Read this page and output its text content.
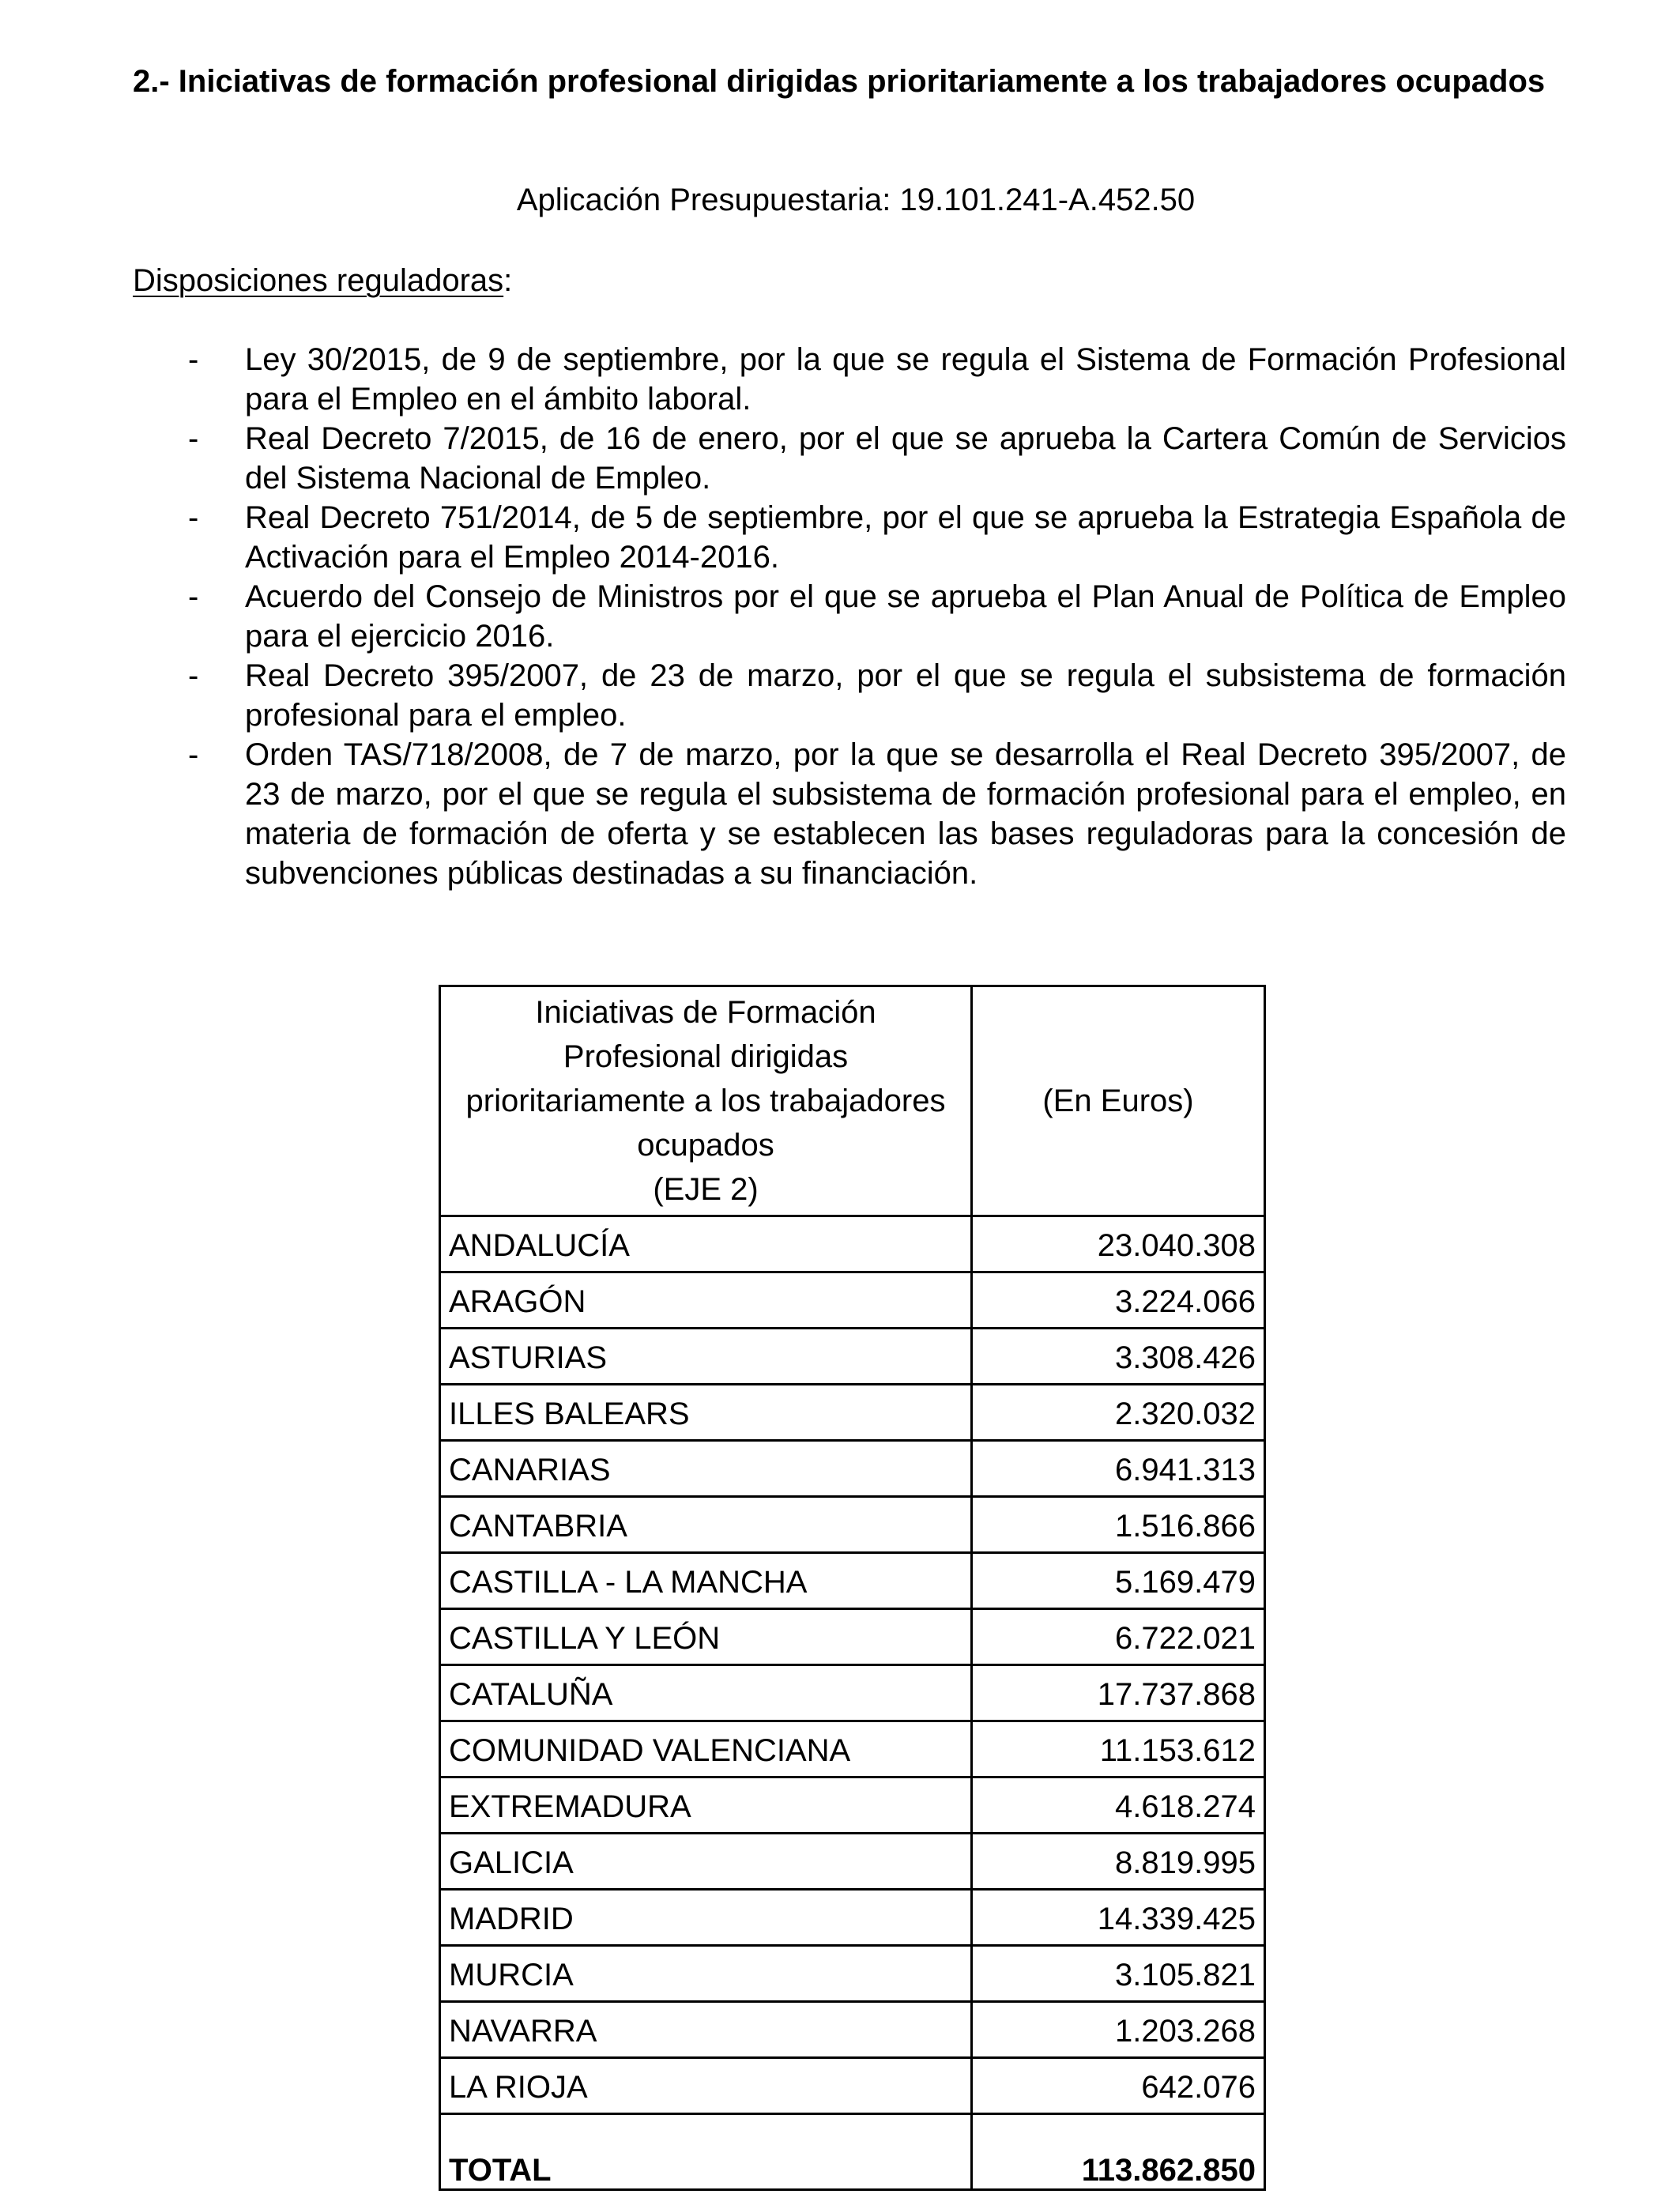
2.- Iniciativas de formación profesional dirigidas prioritariamente a los trabajadores ocupados
Aplicación Presupuestaria: 19.101.241-A.452.50
Disposiciones reguladoras:
- Ley 30/2015, de 9 de septiembre, por la que se regula el Sistema de Formación Profesional para el Empleo en el ámbito laboral.
- Real Decreto 7/2015, de 16 de enero, por el que se aprueba la Cartera Común de Servicios del Sistema Nacional de Empleo.
- Real Decreto 751/2014, de 5 de septiembre, por el que se aprueba la Estrategia Española de Activación para el Empleo 2014-2016.
- Acuerdo del Consejo de Ministros por el que se aprueba el Plan Anual de Política de Empleo para el ejercicio 2016.
- Real Decreto 395/2007, de 23 de marzo, por el que se regula el subsistema de formación profesional para el empleo.
- Orden TAS/718/2008, de 7 de marzo, por la que se desarrolla el Real Decreto 395/2007, de 23 de marzo, por el que se regula el subsistema de formación profesional para el empleo, en materia de formación de oferta y se establecen las bases reguladoras para la concesión de subvenciones públicas destinadas a su financiación.
Iniciativas de Formación
Profesional dirigidas
prioritariamente a los trabajadores
ocupados
(EJE 2)	(En Euros)
ANDALUCÍA	23.040.308
ARAGÓN	3.224.066
ASTURIAS	3.308.426
ILLES BALEARS	2.320.032
CANARIAS	6.941.313
CANTABRIA	1.516.866
CASTILLA - LA MANCHA	5.169.479
CASTILLA Y LEÓN	6.722.021
CATALUÑA	17.737.868
COMUNIDAD VALENCIANA	11.153.612
EXTREMADURA	4.618.274
GALICIA	8.819.995
MADRID	14.339.425
MURCIA	3.105.821
NAVARRA	1.203.268
LA RIOJA	642.076
TOTAL	113.862.850
